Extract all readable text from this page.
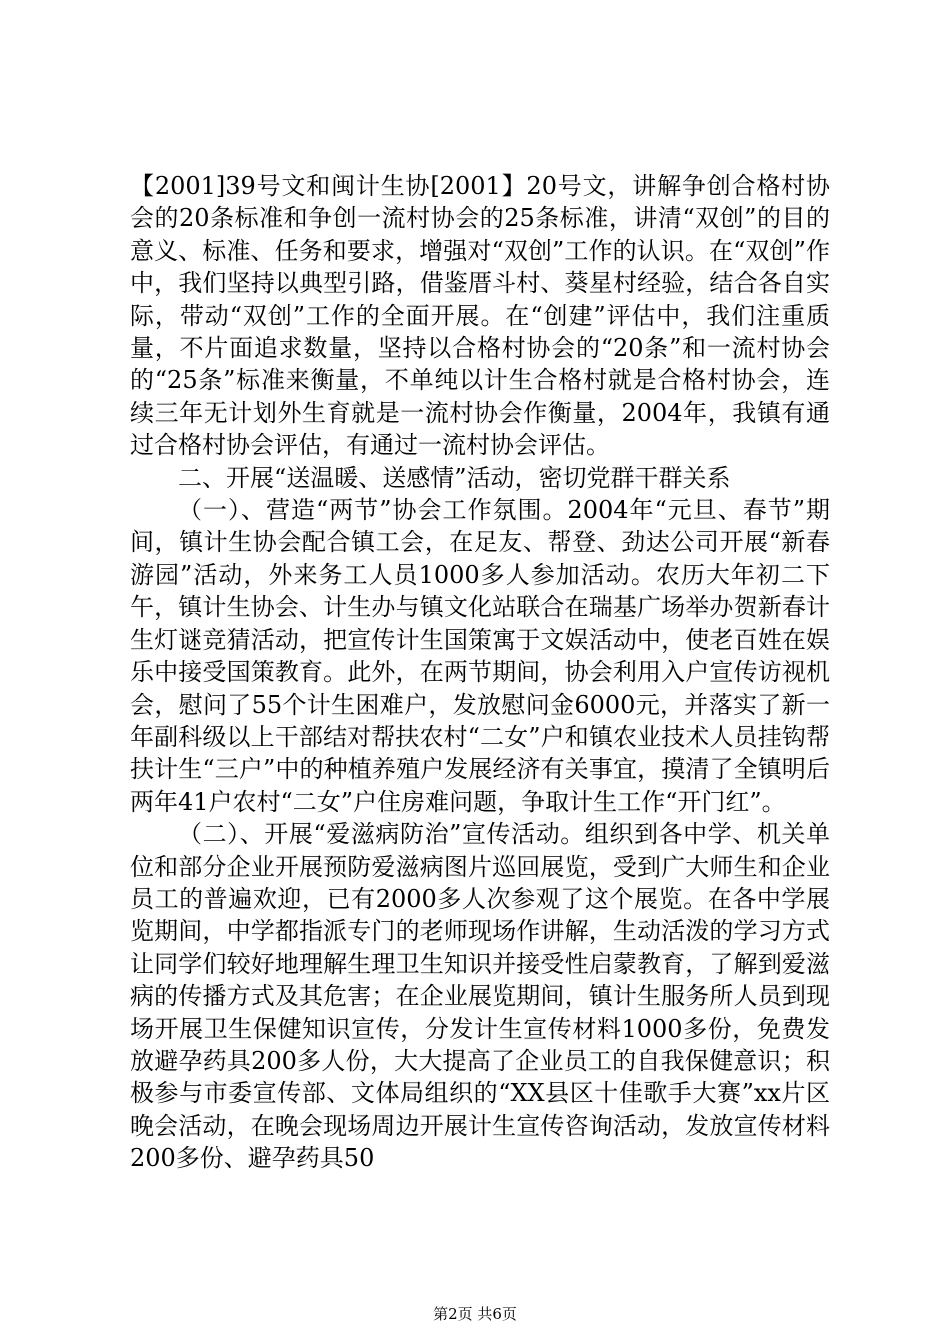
【2001]39号文和闽计生协[2001】20号文，讲解争创合格村协会的20条标准和争创一流村协会的25条标准，讲清“双创”的目的意义、标准、任务和要求，增强对“双创”工作的认识。在“双创”作中，我们坚持以典型引路，借鉴厝斗村、葵星村经验，结合各自实际，带动“双创”工作的全面开展。在“创建”评估中，我们注重质量，不片面追求数量，坚持以合格村协会的“20条”和一流村协会的“25条”标准来衡量，不单纯以计生合格村就是合格村协会，连续三年无计划外生育就是一流村协会作衡量，2004年，我镇有通过合格村协会评估，有通过一流村协会评估。

二、开展“送温暖、送感情”活动，密切党群干群关系

（一）、营造“两节”协会工作氛围。2004年“元旦、春节”期间，镇计生协会配合镇工会，在足友、帮登、劲达公司开展“新春游园”活动，外来务工人员1000多人参加活动。农历大年初二下午，镇计生协会、计生办与镇文化站联合在瑞基广场举办贺新春计生灯谜竞猜活动，把宣传计生国策寓于文娱活动中，使老百姓在娱乐中接受国策教育。此外，在两节期间，协会利用入户宣传访视机会，慰问了55个计生困难户，发放慰问金6000元，并落实了新一年副科级以上干部结对帮扶农村“二女”户和镇农业技术人员挂钩帮扶计生“三户”中的种植养殖户发展经济有关事宜，摸清了全镇明后两年41户农村“二女”户住房难问题，争取计生工作“开门红”。

（二）、开展“爱滋病防治”宣传活动。组织到各中学、机关单位和部分企业开展预防爱滋病图片巡回展览，受到广大师生和企业员工的普遍欢迎，已有2000多人次参观了这个展览。在各中学展览期间，中学都指派专门的老师现场作讲解，生动活泼的学习方式让同学们较好地理解生理卫生知识并接受性启蒙教育，了解到爱滋病的传播方式及其危害；在企业展览期间，镇计生服务所人员到现场开展卫生保健知识宣传，分发计生宣传材料1000多份，免费发放避孕药具200多人份，大大提高了企业员工的自我保健意识；积极参与市委宣传部、文体局组织的“XX县区十佳歌手大赛”xx片区晚会活动，在晚会现场周边开展计生宣传咨询活动，发放宣传材料200多份、避孕药具50

第2页 共6页
